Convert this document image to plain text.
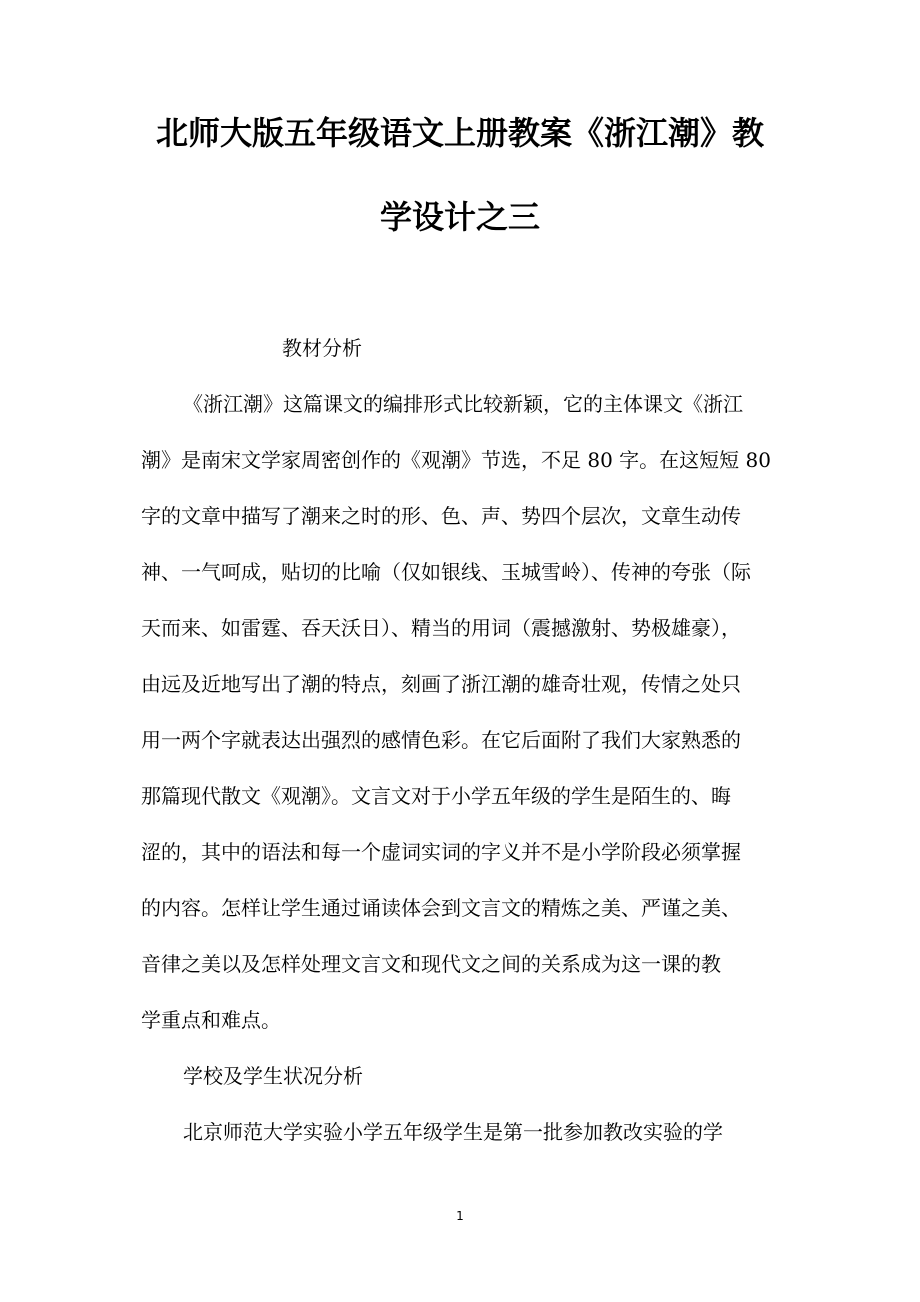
北师大版五年级语文上册教案《浙江潮》教
学设计之三
教材分析
《浙江潮》这篇课文的编排形式比较新颖，它的主体课文《浙江
潮》是南宋文学家周密创作的《观潮》节选，不足 80 字。在这短短 80
字的文章中描写了潮来之时的形、色、声、势四个层次，文章生动传
神、一气呵成，贴切的比喻（仅如银线、玉城雪岭）、传神的夸张（际
天而来、如雷霆、吞天沃日）、精当的用词（震撼激射、势极雄豪），
由远及近地写出了潮的特点，刻画了浙江潮的雄奇壮观，传情之处只
用一两个字就表达出强烈的感情色彩。在它后面附了我们大家熟悉的
那篇现代散文《观潮》。文言文对于小学五年级的学生是陌生的、晦
涩的，其中的语法和每一个虚词实词的字义并不是小学阶段必须掌握
的内容。怎样让学生通过诵读体会到文言文的精炼之美、严谨之美、
音律之美以及怎样处理文言文和现代文之间的关系成为这一课的教
学重点和难点。
学校及学生状况分析
北京师范大学实验小学五年级学生是第一批参加教改实验的学
1
